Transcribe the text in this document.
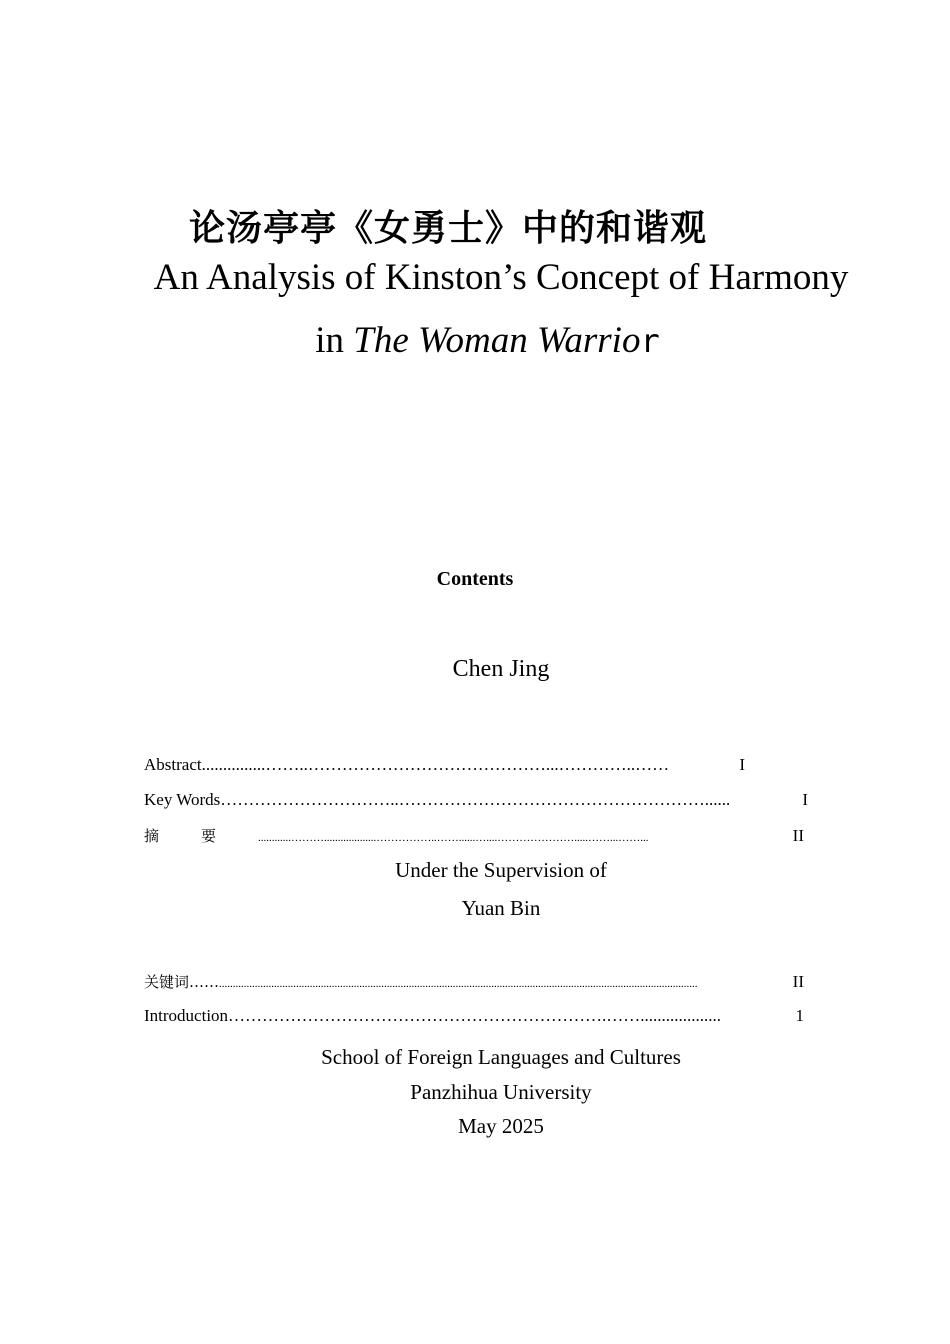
论汤亭亭《女勇士》中的和谐观
An Analysis of Kinston’s Concept of Harmony
in The Woman Warrior
Contents
Chen Jing
Abstract ...............……..……………………………………...…………..……	I
Key Words …………………………..………………………………………………......	I
摘	要	............………...................……………..……......…....………………….....……...……...	II
Under the Supervision of
Yuan Bin
关键词…… ..............................................................................................................................................................................	II
Introduction ………………………………………………………….……...................	1
School of Foreign Languages and Cultures
Panzhihua University
May 2025
